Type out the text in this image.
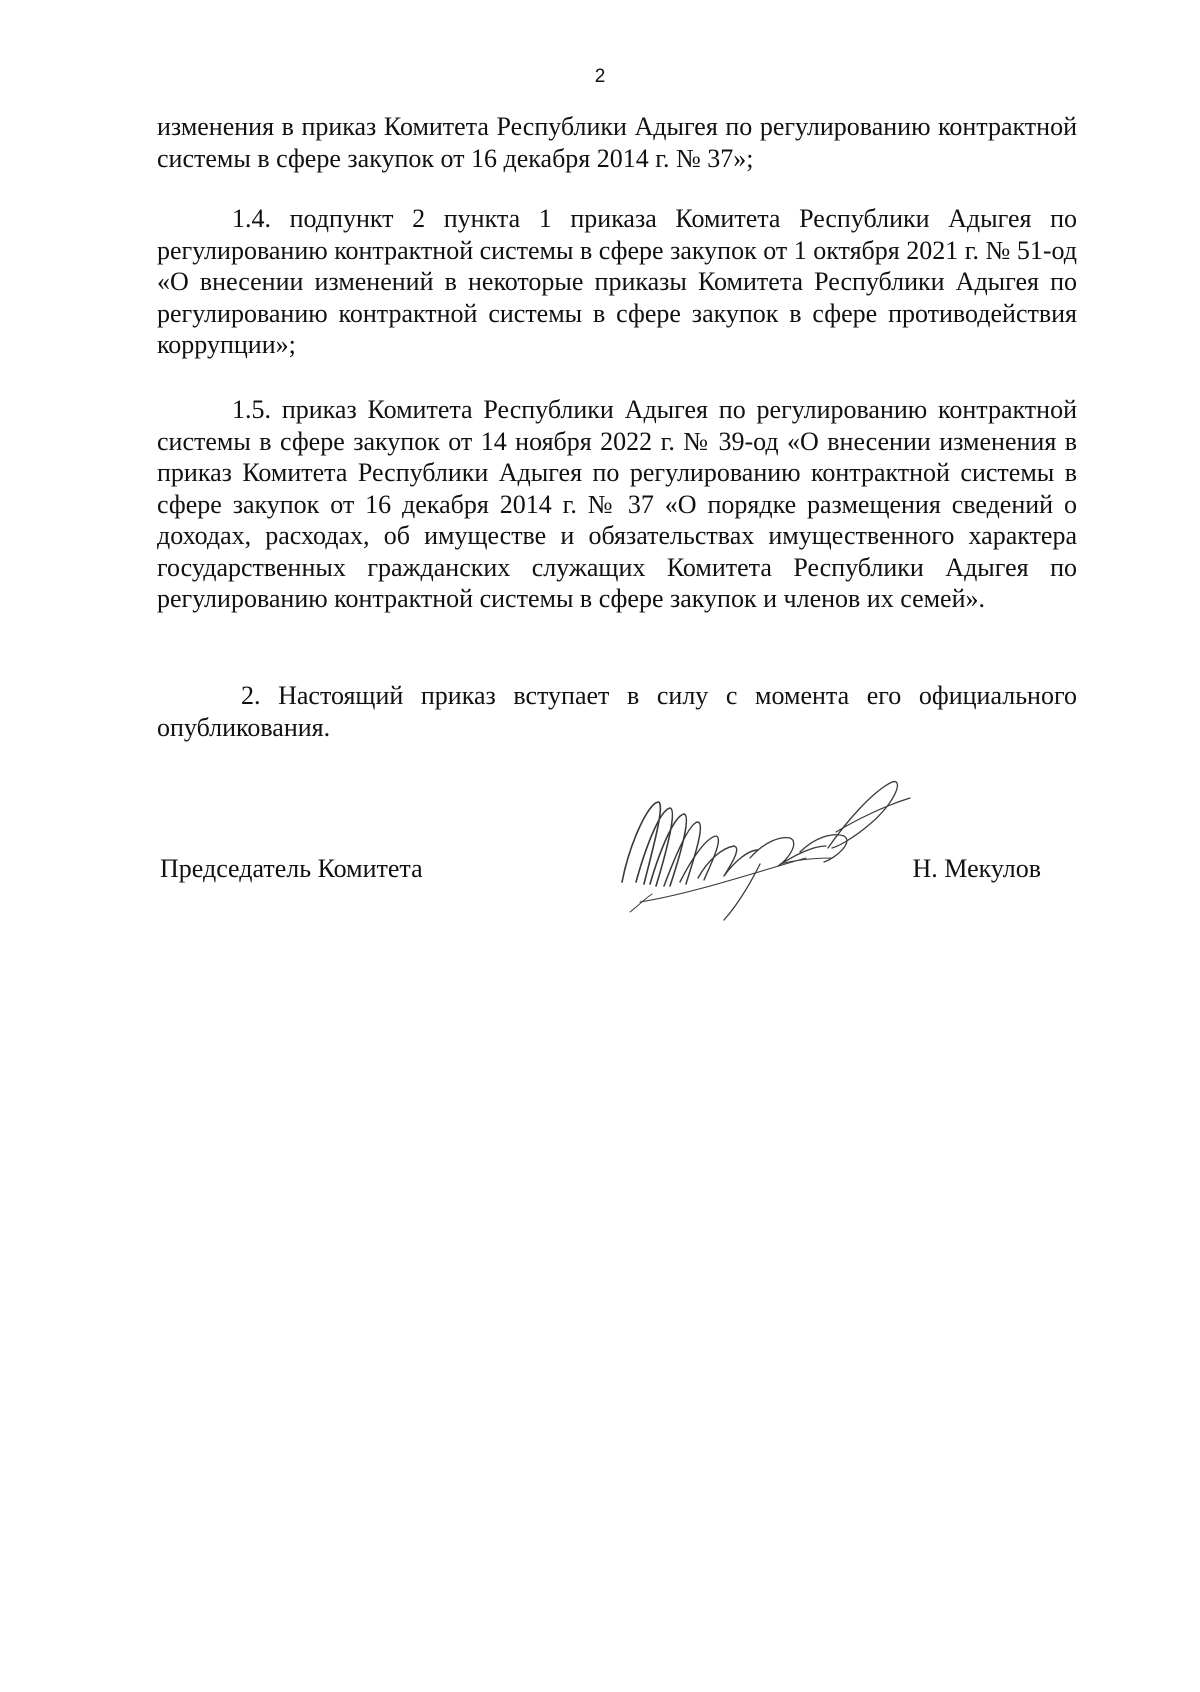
2

изменения в приказ Комитета Республики Адыгея по регулированию контрактной системы в сфере закупок от 16 декабря 2014 г. № 37»;

1.4. подпункт 2 пункта 1 приказа Комитета Республики Адыгея по регулированию контрактной системы в сфере закупок от 1 октября 2021 г. № 51-од «О внесении изменений в некоторые приказы Комитета Республики Адыгея по регулированию контрактной системы в сфере закупок в сфере противодействия коррупции»;

1.5. приказ Комитета Республики Адыгея по регулированию контрактной системы в сфере закупок от 14 ноября 2022 г. № 39-од «О внесении изменения в приказ Комитета Республики Адыгея по регулированию контрактной системы в сфере закупок от 16 декабря 2014 г. № 37 «О порядке размещения сведений о доходах, расходах, об имуществе и обязательствах имущественного характера государственных гражданских служащих Комитета Республики Адыгея по регулированию контрактной системы в сфере закупок и членов их семей».

2. Настоящий приказ вступает в силу с момента его официального опубликования.

Председатель Комитета	Н. Мекулов
